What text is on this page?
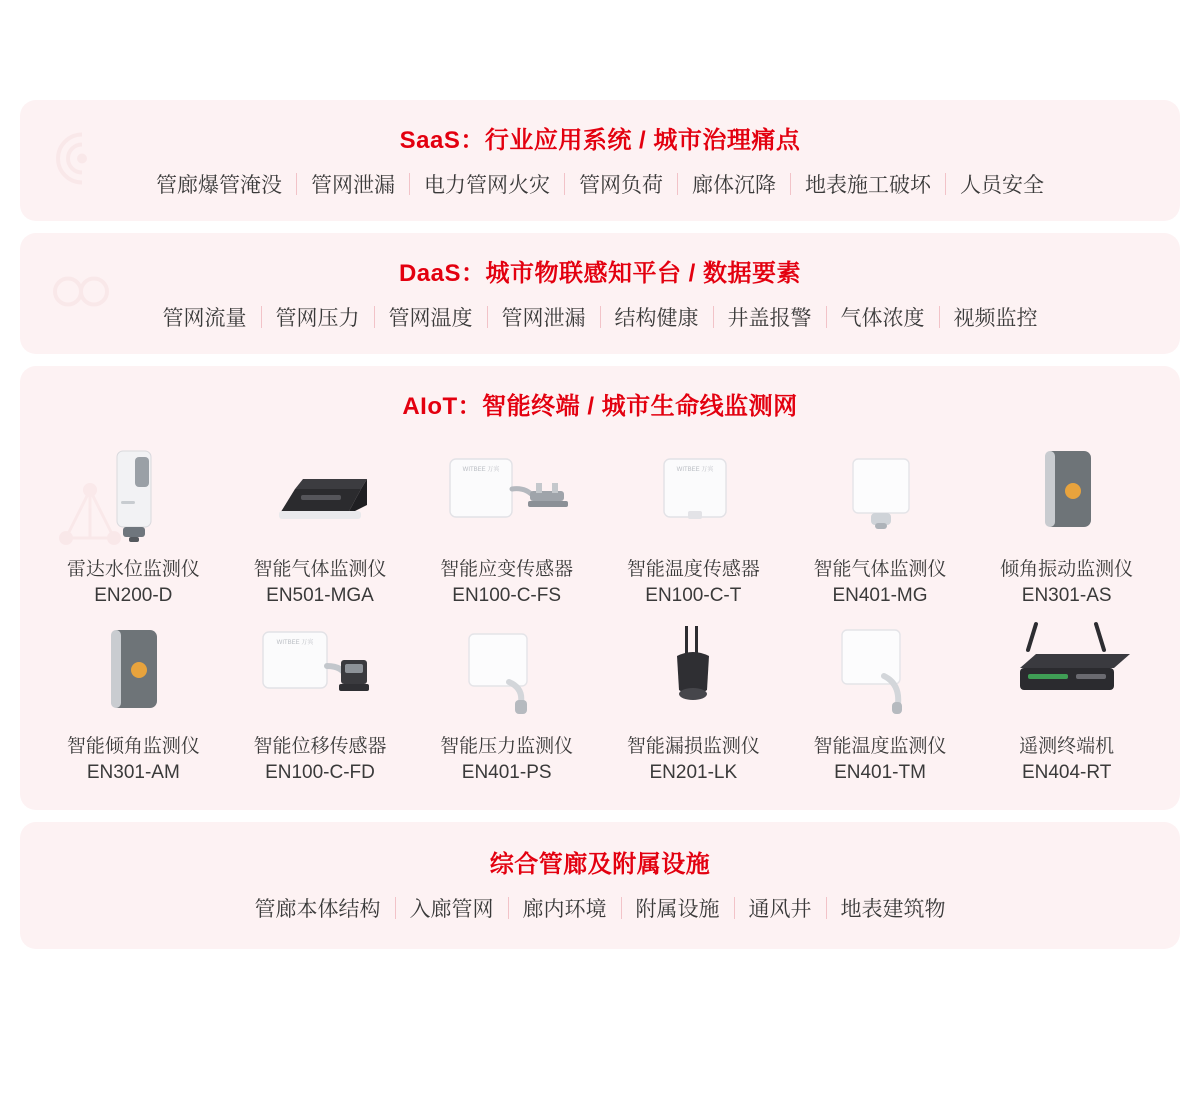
SaaS：行业应用系统 / 城市治理痛点
管廊爆管淹没	管网泄漏	电力管网火灾	管网负荷	廊体沉降	地表施工破坏	人员安全
DaaS：城市物联感知平台 / 数据要素
管网流量	管网压力	管网温度	管网泄漏	结构健康	井盖报警	气体浓度	视频监控
AIoT：智能终端 / 城市生命线监测网
雷达水位监测仪
EN200-D
智能气体监测仪
EN501-MGA
WITBEE 万宾
智能应变传感器
EN100-C-FS
WITBEE 万宾
智能温度传感器
EN100-C-T
智能气体监测仪
EN401-MG
倾角振动监测仪
EN301-AS
智能倾角监测仪
EN301-AM
WITBEE 万宾
智能位移传感器
EN100-C-FD
智能压力监测仪
EN401-PS
智能漏损监测仪
EN201-LK
智能温度监测仪
EN401-TM
遥测终端机
EN404-RT
综合管廊及附属设施
管廊本体结构	入廊管网	廊内环境	附属设施	通风井	地表建筑物
